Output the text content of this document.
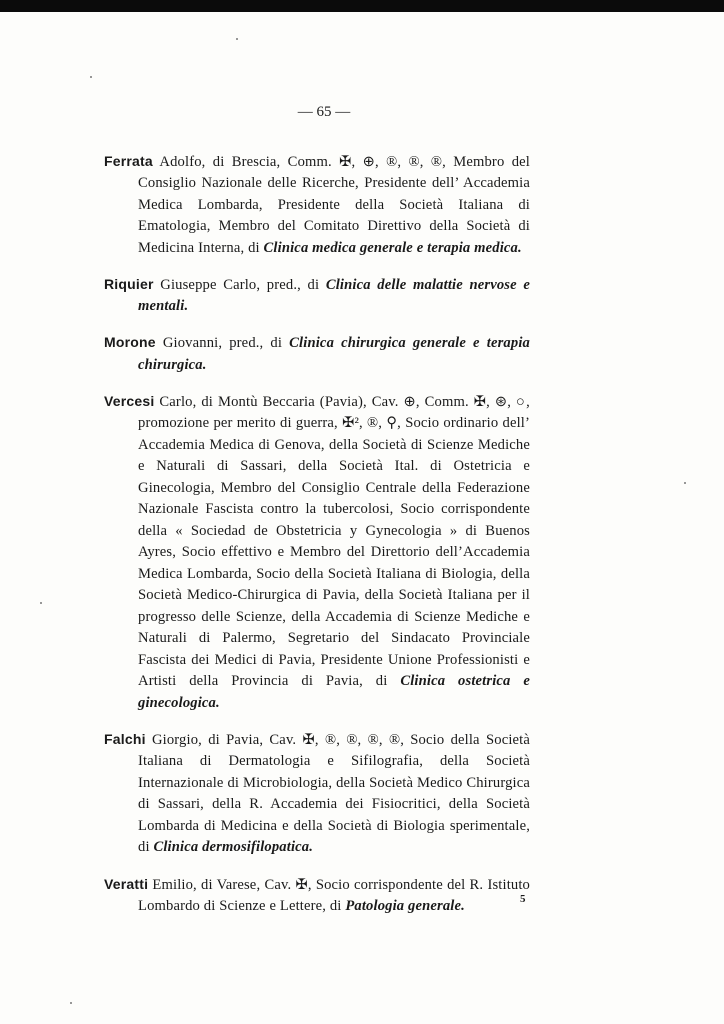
— 65 —

Ferrata Adolfo, di Brescia, Comm. ✠, ⊕, ®, ®, ®, Membro del Consiglio Nazionale delle Ricerche, Presidente dell’ Accademia Medica Lombarda, Presidente della Società Italiana di Ematologia, Membro del Comitato Direttivo della Società di Medicina Interna, di Clinica medica generale e terapia medica.

Riquier Giuseppe Carlo, pred., di Clinica delle malattie nervose e mentali.

Morone Giovanni, pred., di Clinica chirurgica generale e terapia chirurgica.

Vercesi Carlo, di Montù Beccaria (Pavia), Cav. ⊕, Comm. ✠, ⊛, ○, promozione per merito di guerra, ✠², ®, ⚲, Socio ordinario dell’ Accademia Medica di Genova, della Società di Scienze Mediche e Naturali di Sassari, della Società Ital. di Ostetricia e Ginecologia, Membro del Consiglio Centrale della Federazione Nazionale Fascista contro la tubercolosi, Socio corrispondente della « Sociedad de Obstetricia y Gynecologia » di Buenos Ayres, Socio effettivo e Membro del Direttorio dell’Accademia Medica Lombarda, Socio della Società Italiana di Biologia, della Società Medico-Chirurgica di Pavia, della Società Italiana per il progresso delle Scienze, della Accademia di Scienze Mediche e Naturali di Palermo, Segretario del Sindacato Provinciale Fascista dei Medici di Pavia, Presidente Unione Professionisti e Artisti della Provincia di Pavia, di Clinica ostetrica e ginecologica.

Falchi Giorgio, di Pavia, Cav. ✠, ®, ®, ®, ®, Socio della Società Italiana di Dermatologia e Sifilografia, della Società Internazionale di Microbiologia, della Società Medico Chirurgica di Sassari, della R. Accademia dei Fisiocritici, della Società Lombarda di Medicina e della Società di Biologia sperimentale, di Clinica dermosifilopatica.

Veratti Emilio, di Varese, Cav. ✠, Socio corrispondente del R. Istituto Lombardo di Scienze e Lettere, di Patologia generale.	5
